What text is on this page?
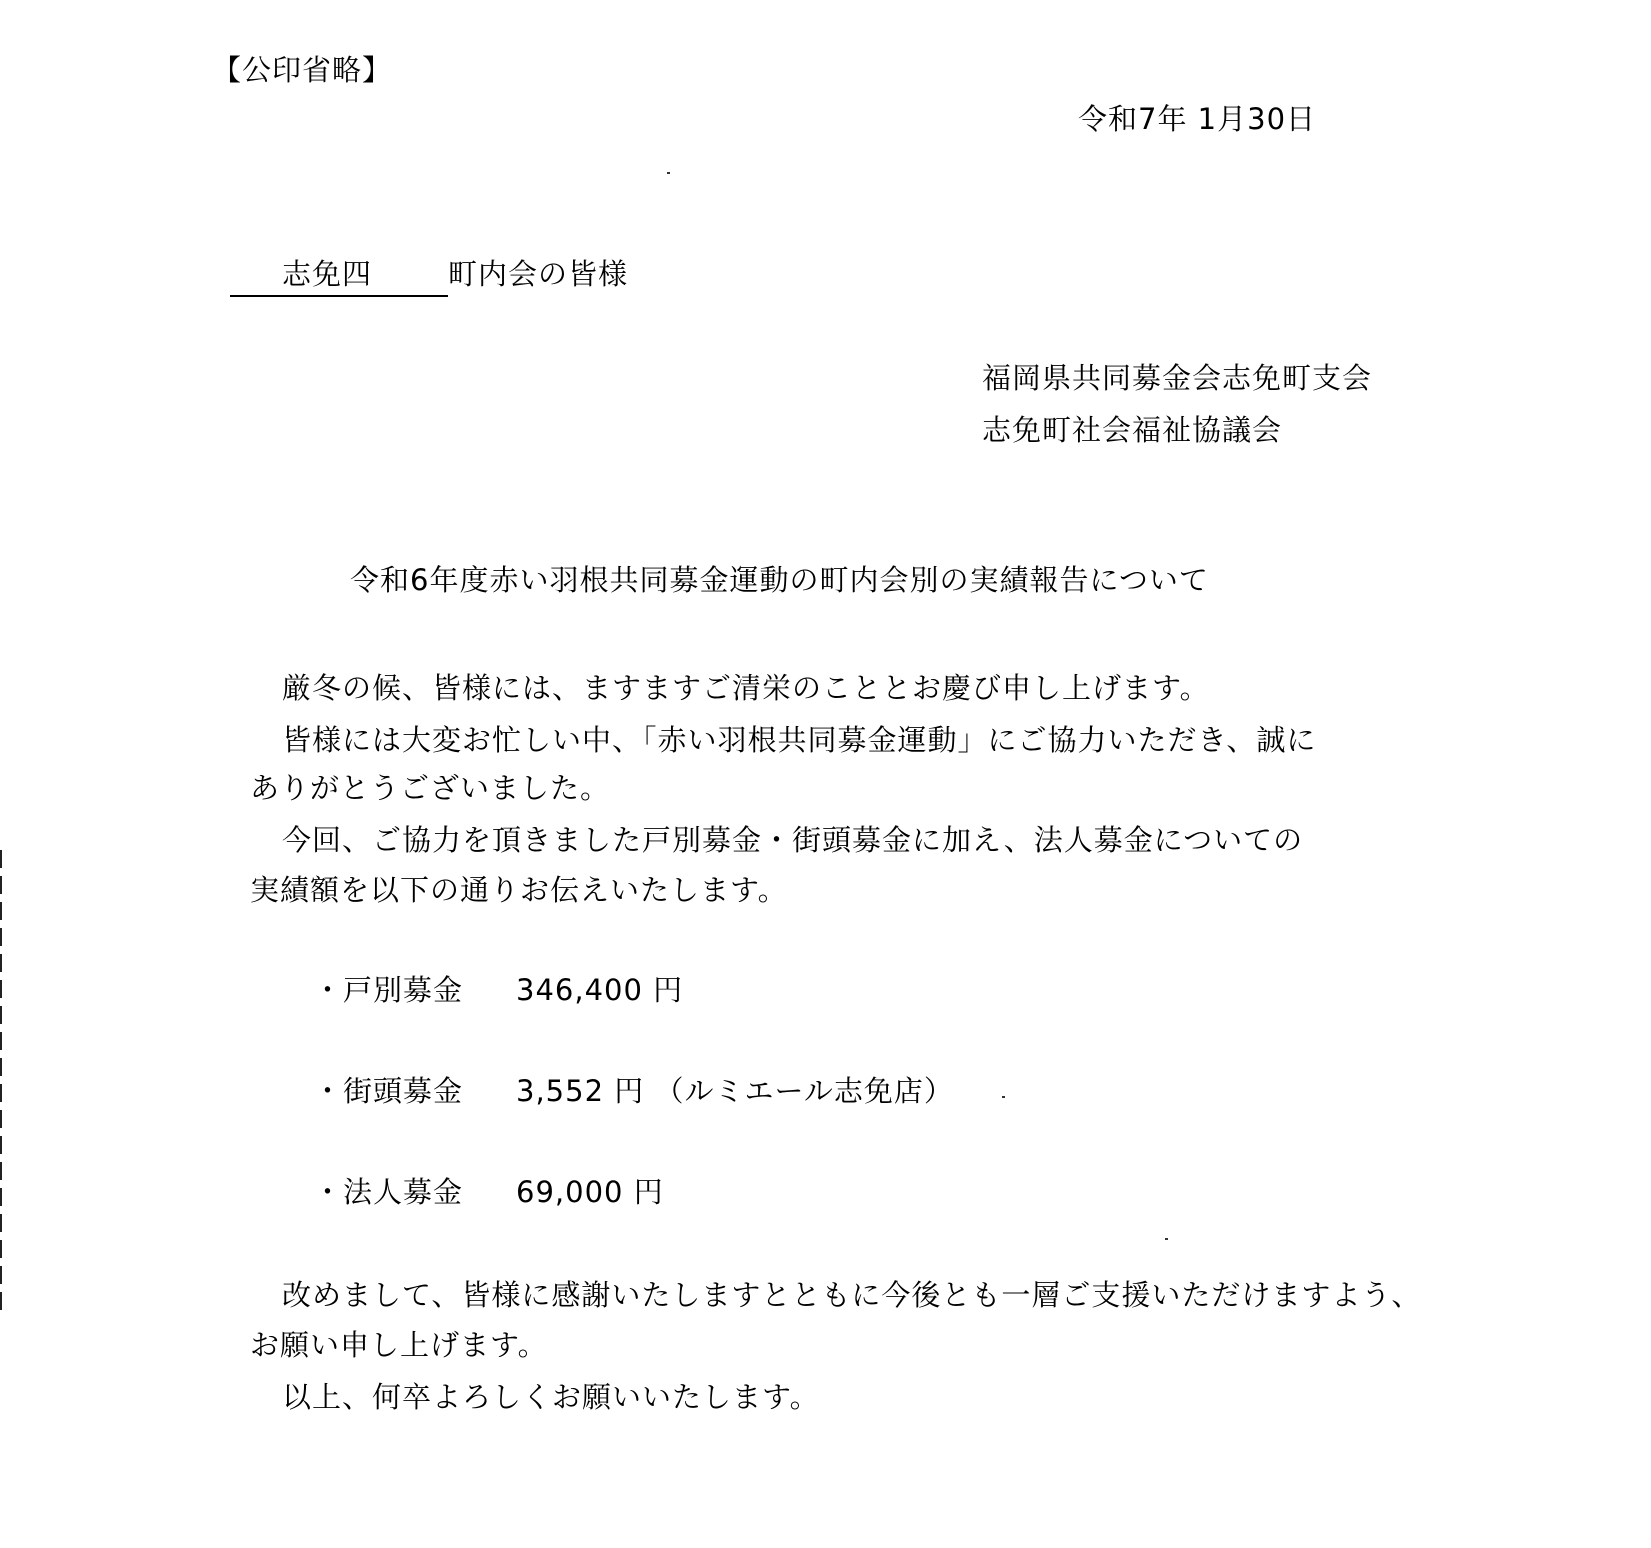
【公印省略】
令和7年 1月30日
志免四	町内会の皆様
福岡県共同募金会志免町支会
志免町社会福祉協議会
令和6年度赤い羽根共同募金運動の町内会別の実績報告について
厳冬の候、皆様には、ますますご清栄のこととお慶び申し上げます。
皆様には大変お忙しい中、「赤い羽根共同募金運動」にご協力いただき、誠に
ありがとうございました。
今回、ご協力を頂きました戸別募金・街頭募金に加え、法人募金についての
実績額を以下の通りお伝えいたします。
・戸別募金 346,400 円
・街頭募金 3,552 円 （ルミエール志免店）
・法人募金 69,000 円
改めまして、皆様に感謝いたしますとともに今後とも一層ご支援いただけますよう、
お願い申し上げます。
以上、何卒よろしくお願いいたします。
